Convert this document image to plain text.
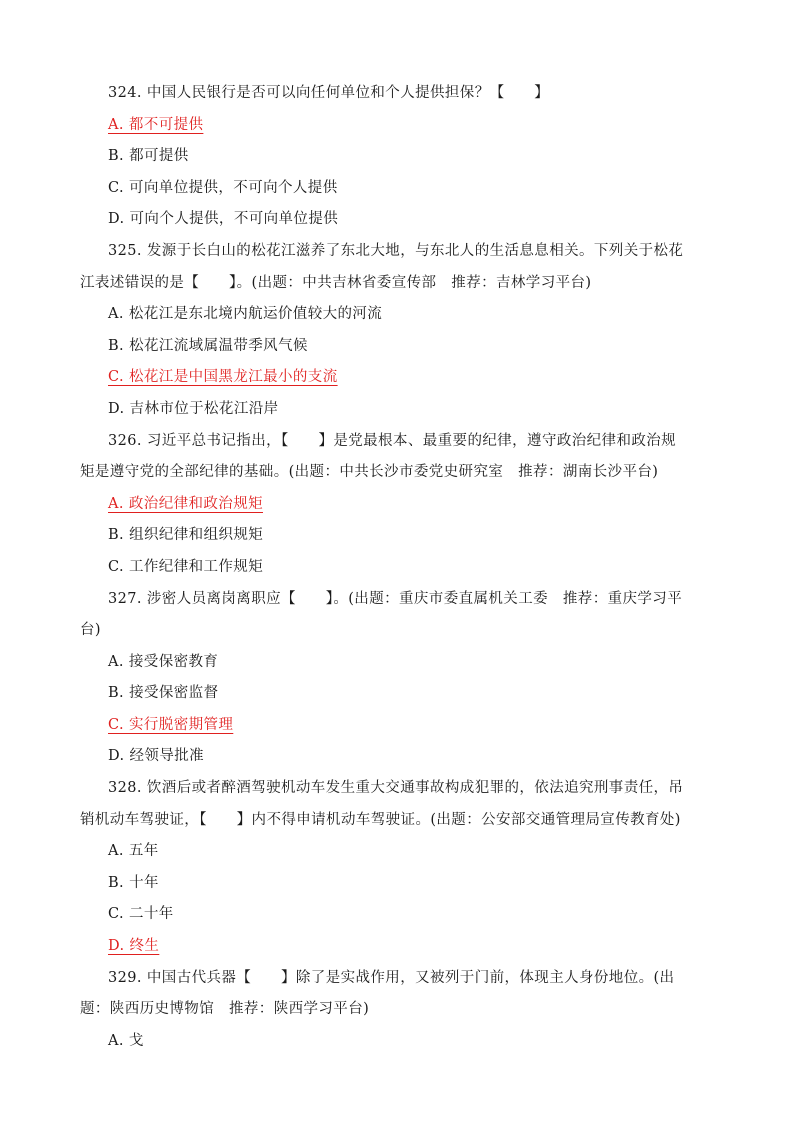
324. 中国人民银行是否可以向任何单位和个人提供担保？【　　】
A. 都不可提供
B. 都可提供
C. 可向单位提供，不可向个人提供
D. 可向个人提供，不可向单位提供
325. 发源于长白山的松花江滋养了东北大地，与东北人的生活息息相关。下列关于松花
江表述错误的是【　　】。(出题：中共吉林省委宣传部　推荐：吉林学习平台)
A. 松花江是东北境内航运价值较大的河流
B. 松花江流域属温带季风气候
C. 松花江是中国黑龙江最小的支流
D. 吉林市位于松花江沿岸
326. 习近平总书记指出，【　　】是党最根本、最重要的纪律，遵守政治纪律和政治规
矩是遵守党的全部纪律的基础。(出题：中共长沙市委党史研究室　推荐：湖南长沙平台)
A. 政治纪律和政治规矩
B. 组织纪律和组织规矩
C. 工作纪律和工作规矩
327. 涉密人员离岗离职应【　　】。(出题：重庆市委直属机关工委　推荐：重庆学习平
台)
A. 接受保密教育
B. 接受保密监督
C. 实行脱密期管理
D. 经领导批准
328. 饮酒后或者醉酒驾驶机动车发生重大交通事故构成犯罪的，依法追究刑事责任，吊
销机动车驾驶证，【　　】内不得申请机动车驾驶证。(出题：公安部交通管理局宣传教育处)
A. 五年
B. 十年
C. 二十年
D. 终生
329. 中国古代兵器【　　】除了是实战作用，又被列于门前，体现主人身份地位。(出
题：陕西历史博物馆　推荐：陕西学习平台)
A. 戈
